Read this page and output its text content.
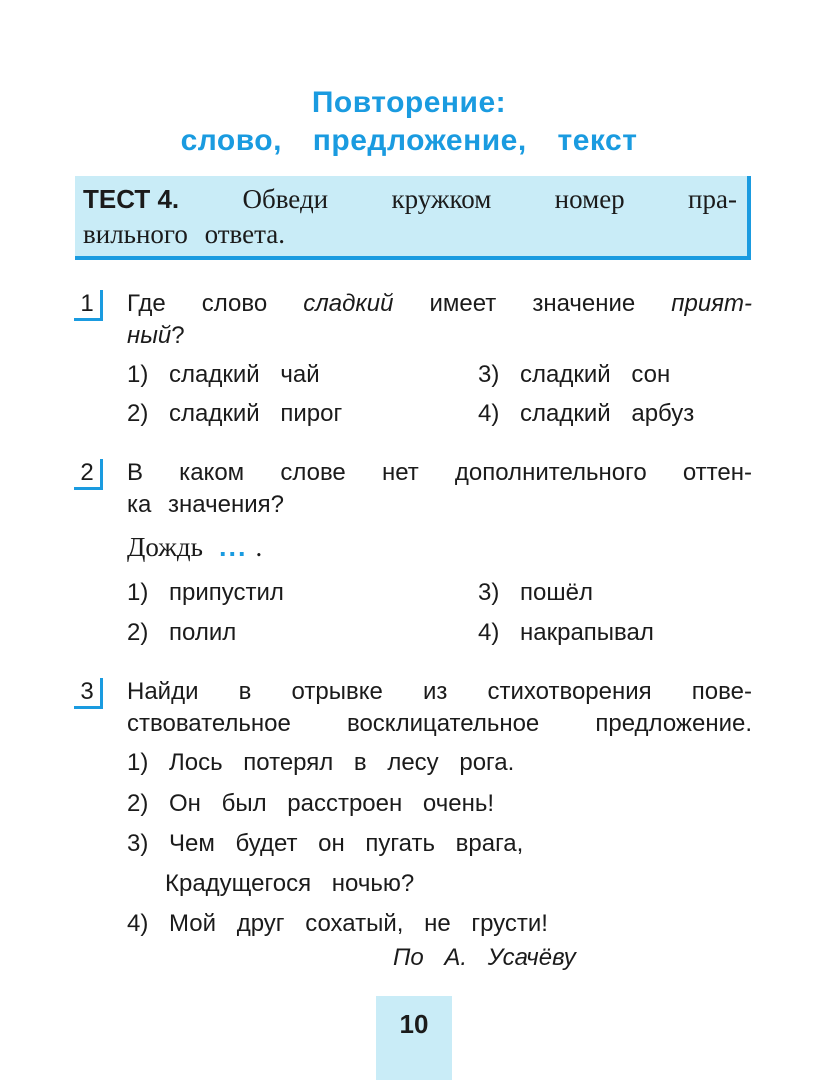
Повторение:
слово, предложение, текст
ТЕСТ 4. Обведи кружком номер пра-
вильного ответа.
1	Где слово сладкий имеет значение прият-
ный ?
1) сладкий чай	3) сладкий сон
2) сладкий пирог	4) сладкий арбуз
2	В каком слове нет дополнительного оттен-
ка значения?
Дождь ... .
1) припустил	3) пошёл
2) полил	4) накрапывал
3	Найди в отрывке из стихотворения пове-
ствовательное восклицательное предложение.
1) Лось потерял в лесу рога.
2) Он был расстроен очень!
3) Чем будет он пугать врага,
Крадущегося ночью?
4) Мой друг сохатый, не грусти!
По А. Усачёву
10
